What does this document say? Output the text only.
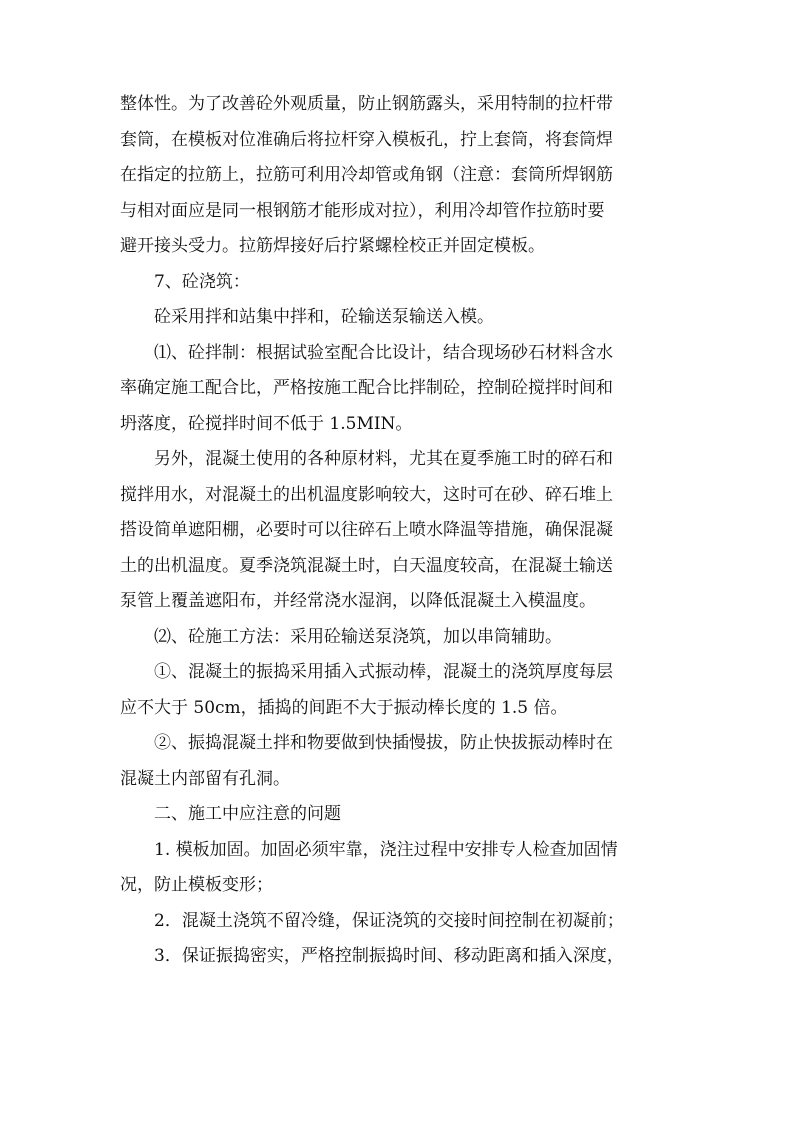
整体性。为了改善砼外观质量，防止钢筋露头，采用特制的拉杆带
套筒，在模板对位准确后将拉杆穿入模板孔，拧上套筒，将套筒焊
在指定的拉筋上，拉筋可利用冷却管或角钢（注意：套筒所焊钢筋
与相对面应是同一根钢筋才能形成对拉），利用冷却管作拉筋时要
避开接头受力。拉筋焊接好后拧紧螺栓校正并固定模板。

7、砼浇筑：

砼采用拌和站集中拌和，砼输送泵输送入模。

⑴、砼拌制：根据试验室配合比设计，结合现场砂石材料含水
率确定施工配合比，严格按施工配合比拌制砼，控制砼搅拌时间和
坍落度，砼搅拌时间不低于 1.5MIN。

另外，混凝土使用的各种原材料，尤其在夏季施工时的碎石和
搅拌用水，对混凝土的出机温度影响较大，这时可在砂、碎石堆上
搭设简单遮阳棚，必要时可以往碎石上喷水降温等措施，确保混凝
土的出机温度。夏季浇筑混凝土时，白天温度较高，在混凝土输送
泵管上覆盖遮阳布，并经常浇水湿润，以降低混凝土入模温度。

⑵、砼施工方法：采用砼输送泵浇筑，加以串筒辅助。

①、混凝土的振捣采用插入式振动棒，混凝土的浇筑厚度每层
应不大于 50cm，插捣的间距不大于振动棒长度的 1.5 倍。

②、振捣混凝土拌和物要做到快插慢拔，防止快拔振动棒时在
混凝土内部留有孔洞。

二、施工中应注意的问题

1. 模板加固。加固必须牢靠，浇注过程中安排专人检查加固情
况，防止模板变形；

2．混凝土浇筑不留冷缝，保证浇筑的交接时间控制在初凝前；

3．保证振捣密实，严格控制振捣时间、移动距离和插入深度，
